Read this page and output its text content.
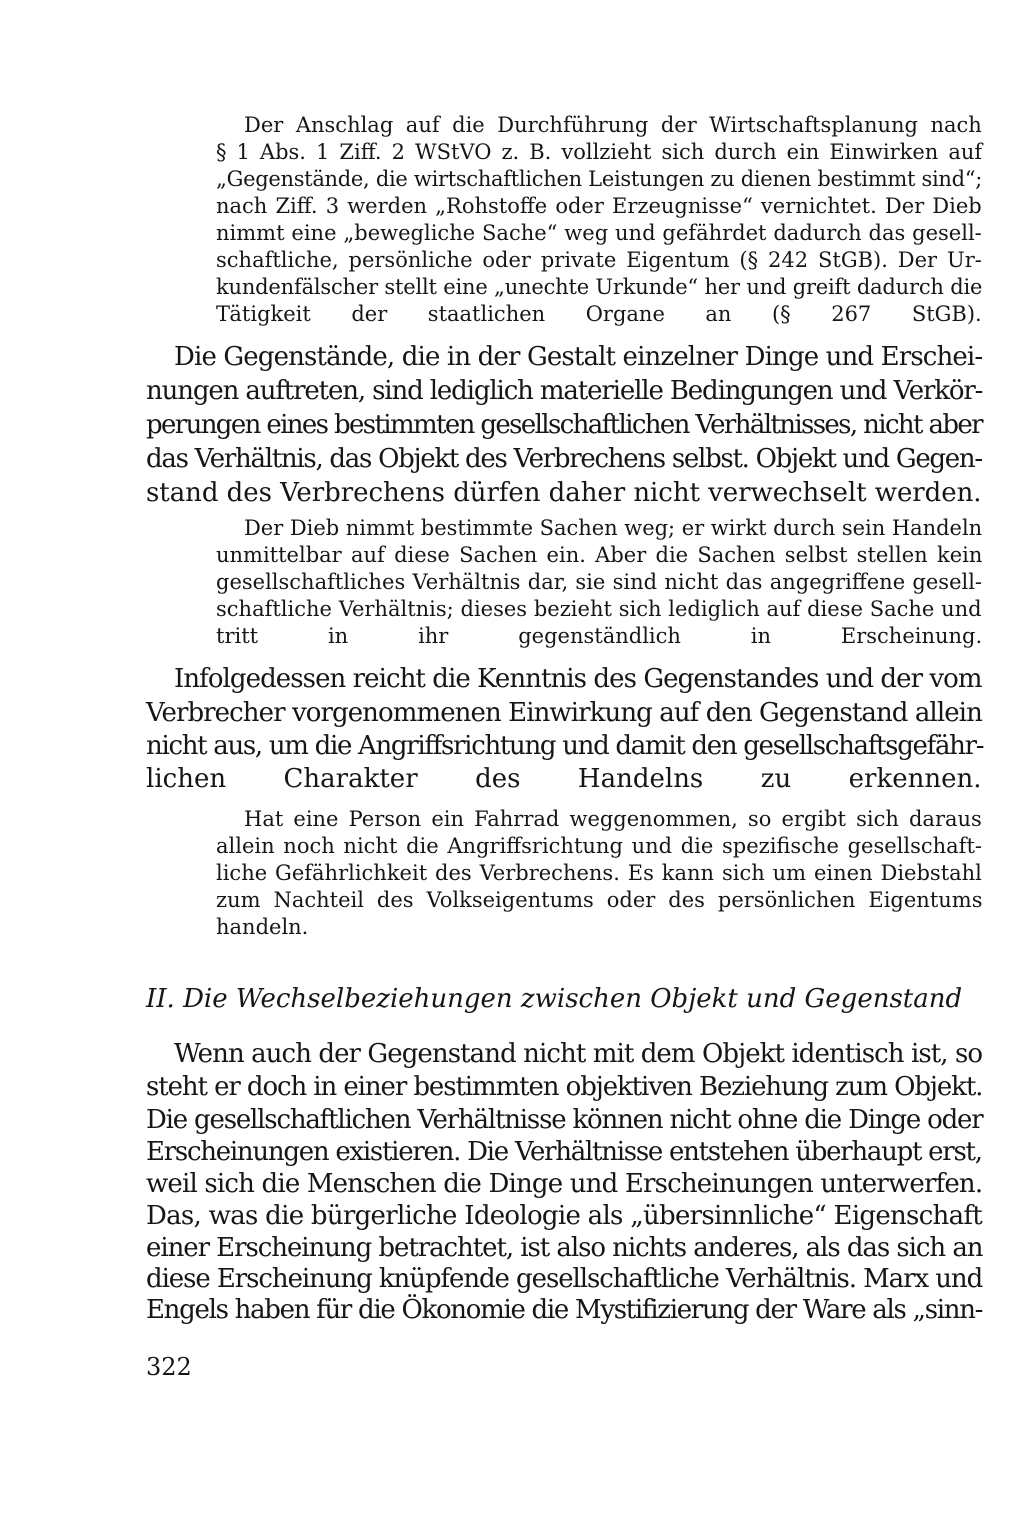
Der Anschlag auf die Durchführung der Wirtschaftsplanung nach

§ 1 Abs. 1 Ziff. 2 WStVO z. B. vollzieht sich durch ein Einwirken auf

„Gegenstände, die wirtschaftlichen Leistungen zu dienen bestimmt sind“;

nach Ziff. 3 werden „Rohstoffe oder Erzeugnisse“ vernichtet. Der Dieb

nimmt eine „bewegliche Sache“ weg und gefährdet dadurch das gesell-

schaftliche, persönliche oder private Eigentum (§ 242 StGB). Der Ur-

kundenfälscher stellt eine „unechte Urkunde“ her und greift dadurch die

Tätigkeit der staatlichen Organe an (§ 267 StGB).

Die Gegenstände, die in der Gestalt einzelner Dinge und Erschei-

nungen auftreten, sind lediglich materielle Bedingungen und Verkör-

perungen eines bestimmten gesellschaftlichen Verhältnisses, nicht aber

das Verhältnis, das Objekt des Verbrechens selbst. Objekt und Gegen-

stand des Verbrechens dürfen daher nicht verwechselt werden.

Der Dieb nimmt bestimmte Sachen weg; er wirkt durch sein Handeln

unmittelbar auf diese Sachen ein. Aber die Sachen selbst stellen kein

gesellschaftliches Verhältnis dar, sie sind nicht das angegriffene gesell-

schaftliche Verhältnis; dieses bezieht sich lediglich auf diese Sache und

tritt in ihr gegenständlich in Erscheinung.

Infolgedessen reicht die Kenntnis des Gegenstandes und der vom

Verbrecher vorgenommenen Einwirkung auf den Gegenstand allein

nicht aus, um die Angriffsrichtung und damit den gesellschaftsgefähr-

lichen Charakter des Handelns zu erkennen.

Hat eine Person ein Fahrrad weggenommen, so ergibt sich daraus

allein noch nicht die Angriffsrichtung und die spezifische gesellschaft-

liche Gefährlichkeit des Verbrechens. Es kann sich um einen Diebstahl

zum Nachteil des Volkseigentums oder des persönlichen Eigentums

handeln.

II. Die Wechselbeziehungen zwischen Objekt und Gegenstand

Wenn auch der Gegenstand nicht mit dem Objekt identisch ist, so

steht er doch in einer bestimmten objektiven Beziehung zum Objekt.

Die gesellschaftlichen Verhältnisse können nicht ohne die Dinge oder

Erscheinungen existieren. Die Verhältnisse entstehen überhaupt erst,

weil sich die Menschen die Dinge und Erscheinungen unterwerfen.

Das, was die bürgerliche Ideologie als „übersinnliche“ Eigenschaft

einer Erscheinung betrachtet, ist also nichts anderes, als das sich an

diese Erscheinung knüpfende gesellschaftliche Verhältnis. Marx und

Engels haben für die Ökonomie die Mystifizierung der Ware als „sinn-

322
